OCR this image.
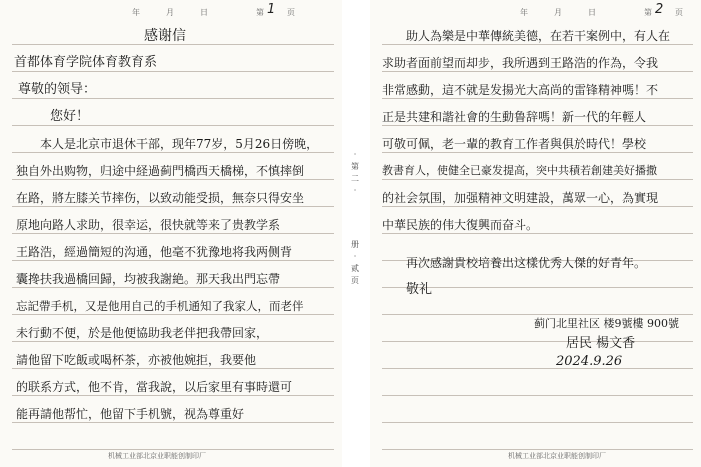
年	月	日	第 1 页
感谢信
首都体育学院体育教育系
尊敬的领导：
您好！
本人是北京市退休干部，现年77岁，5月26日傍晚，
独自外出购物，归途中経過蓟門橋西天橋梯，不慎摔倒
在路，將左膝关节摔伤，以致动能受损，無奈只得安坐
原地向路人求助，很幸运，很快就等来了贵教学系
王路浩，經過簡短的沟通，他毫不犹豫地将我两侧背
囊搀扶我過橋回歸，均被我謝絶。那天我出門忘帶
忘記帶手机，又是他用自己的手机通知了我家人，而老伴
未行動不便，於是他便協助我老伴把我帶回家，
請他留下吃飯或喝杯茶，亦被他婉拒，我要他
的联系方式，他不肯，當我說，以后家里有事時還可
能再請他帮忙，他留下手机號，视為尊重好
机械工业部北京业职能创制印厂
·
第
二
·
册
·
贰
页
年	月	日	第 2 页
助人為樂是中華傳統美德，在若干案例中，有人在
求助者面前望而却步，我所遇到王路浩的作為，令我
非常感動，這不就是发揚光大高尚的雷锋精神嗎！不
正是共建和諧社會的生動鲁辞嗎！新一代的年輕人
可敬可佩，老一輩的教育工作者與俱於時代！學校
教書育人，使健全已豪发提高，突中共積若創建美好播撒
的社会氛围，加强精神文明建設，萬眾一心，為實現
中華民族的伟大復興而奋斗。
再次感謝貴校培養出这樣优秀人傑的好青年。
敬礼
蓟门北里社区 楼9號樓 900號
居民 楊文香
2024.9.26
机械工业部北京业职能创制印厂
